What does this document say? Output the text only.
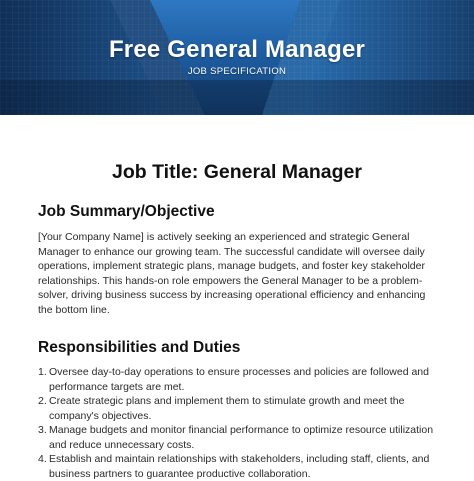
Free General Manager
JOB SPECIFICATION
Job Title: General Manager
Job Summary/Objective
[Your Company Name] is actively seeking an experienced and strategic General Manager to enhance our growing team. The successful candidate will oversee daily operations, implement strategic plans, manage budgets, and foster key stakeholder relationships. This hands-on role empowers the General Manager to be a problem-solver, driving business success by increasing operational efficiency and enhancing the bottom line.
Responsibilities and Duties
1. Oversee day-to-day operations to ensure processes and policies are followed and performance targets are met.
2. Create strategic plans and implement them to stimulate growth and meet the company's objectives.
3. Manage budgets and monitor financial performance to optimize resource utilization and reduce unnecessary costs.
4. Establish and maintain relationships with stakeholders, including staff, clients, and business partners to guarantee productive collaboration.
